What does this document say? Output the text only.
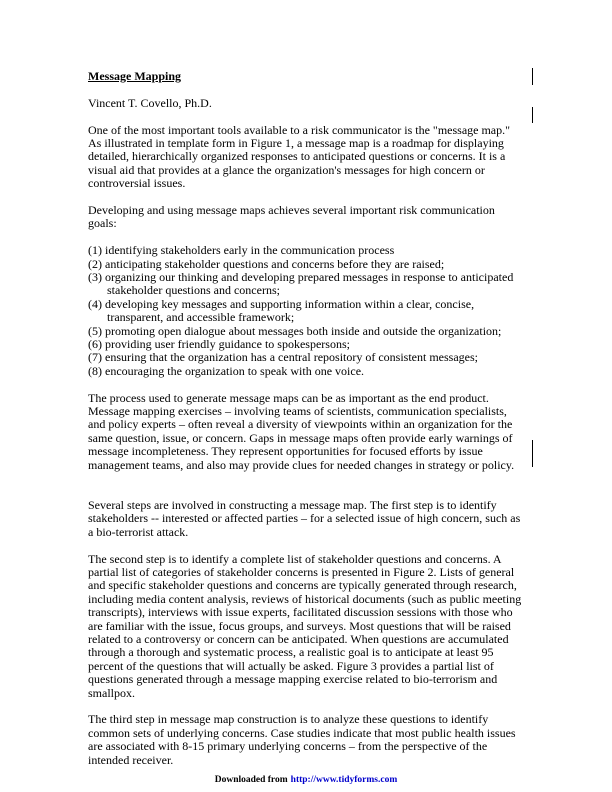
Message Mapping

Vincent T. Covello, Ph.D.

One of the most important tools available to a risk communicator is the "message map." As illustrated in template form in Figure 1, a message map is a roadmap for displaying detailed, hierarchically organized responses to anticipated questions or concerns. It is a visual aid that provides at a glance the organization's messages for high concern or controversial issues.

Developing and using message maps achieves several important risk communication goals:

(1) identifying stakeholders early in the communication process

(2) anticipating stakeholder questions and concerns before they are raised;

(3) organizing our thinking and developing prepared messages in response to anticipated stakeholder questions and concerns;

(4) developing key messages and supporting information within a clear, concise, transparent, and accessible framework;

(5) promoting open dialogue about messages both inside and outside the organization;

(6) providing user friendly guidance to spokespersons;

(7) ensuring that the organization has a central repository of consistent messages;

(8) encouraging the organization to speak with one voice.

The process used to generate message maps can be as important as the end product. Message mapping exercises – involving teams of scientists, communication specialists, and policy experts – often reveal a diversity of viewpoints within an organization for the same question, issue, or concern. Gaps in message maps often provide early warnings of message incompleteness. They represent opportunities for focused efforts by issue management teams, and also may provide clues for needed changes in strategy or policy.

Several steps are involved in constructing a message map. The first step is to identify stakeholders -- interested or affected parties – for a selected issue of high concern, such as a bio-terrorist attack.

The second step is to identify a complete list of stakeholder questions and concerns. A partial list of categories of stakeholder concerns is presented in Figure 2. Lists of general and specific stakeholder questions and concerns are typically generated through research, including media content analysis, reviews of historical documents (such as public meeting transcripts), interviews with issue experts, facilitated discussion sessions with those who are familiar with the issue, focus groups, and surveys. Most questions that will be raised related to a controversy or concern can be anticipated. When questions are accumulated through a thorough and systematic process, a realistic goal is to anticipate at least 95 percent of the questions that will actually be asked. Figure 3 provides a partial list of questions generated through a message mapping exercise related to bio-terrorism and smallpox.

The third step in message map construction is to analyze these questions to identify common sets of underlying concerns. Case studies indicate that most public health issues are associated with 8-15 primary underlying concerns – from the perspective of the intended receiver.

Downloaded from http://www.tidyforms.com
